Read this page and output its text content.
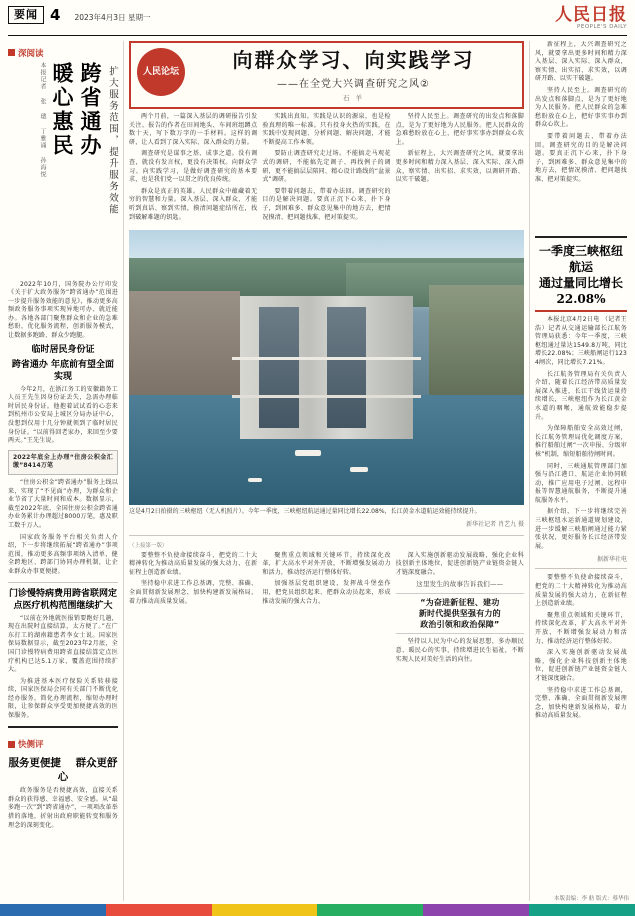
要闻 4 2023年4月3日 星期一	人民日报
PEOPLE'S DAILY
深阅读
扩大服务范围，提升服务效能
跨省通办
暖心惠民
本报记者 张 璁 丁雅诵 孙海悦

2022年10月，国务院办公厅印发《关于扩大政务服务“跨省通办”范围进一步提升服务效能的意见》，推动更多高频政务服务事项实现异地可办、就近能办。各地各部门聚焦群众和企业的急难愁盼，优化服务流程，创新服务模式，让数据多跑路、群众少跑腿。

临时居民身份证
跨省通办 年底前有望全面实现

今年2月，在浙江务工的安徽籍务工人员王先生因身份证丢失，急需办理临时居民身份证。他抱着试试看的心态来到杭州市公安局上城区分局办证中心，没想到仅用十几分钟就领到了临时居民身份证。“以前得回老家办，来回至少要两天。”王先生说。

2022年底全上办理“住房公积金汇缴”8414万笔

“住房公积金”跨省通办”服务上线以来，实现了“不见面”办理，为群众和企业节省了大量时间和成本。数据显示，截至2022年底，全国住房公积金跨省通办业务累计办理超过8000万笔，惠及职工数千万人。

国家政务服务平台相关负责人介绍，下一步将继续拓展“跨省通办”事项范围，推动更多高频事项纳入清单，健全跨地区、跨部门协同办理机制，让企业群众办事更便捷。

门诊慢特病费用跨省联网定点医疗机构范围继续扩大

“以前在外地就医报销要跑好几趟，现在出院时直接结算，太方便了。”在广东打工的湖南籍患者李女士说。国家医保局数据显示，截至2023年2月底，全国门诊慢特病费用跨省直接结算定点医疗机构已达5.1万家，覆盖范围持续扩大。

为推进基本医疗保险关系转移接续，国家医保局会同有关部门不断优化经办服务，简化办理流程，缩短办理时限，让参保群众享受更加便捷高效的医保服务。

快侧评
服务更便捷 群众更舒心

政务服务是否便捷高效，直接关系群众的获得感、幸福感、安全感。从“最多跑一次”到“跨省通办”，一项项改革举措的落地，折射出政府职能转变和服务理念的深刻变化。

人民论坛	向群众学习、向实践学习
——在全党大兴调查研究之风②
石 羊

两个月前，一篇深入基层的调研报告引发关注。报告的作者在田间地头、车间班组蹲点数十天，写下数万字的一手材料。这样的调研，让人看到了深入实际、深入群众的力量。

调查研究是谋事之基、成事之道。没有调查，就没有发言权，更没有决策权。向群众学习、向实践学习，是做好调查研究的基本要求，也是我们党一以贯之的优良传统。

群众是真正的英雄。人民群众中蕴藏着无穷的智慧和力量。深入基层、深入群众，才能听到真话、察到实情，摸清问题症结所在，找到破解难题的钥匙。

实践出真知。实践是认识的源泉，也是检验真理的唯一标准。只有投身火热的实践，在实践中发现问题、分析问题、解决问题，才能不断提高工作本领。

要防止调查研究走过场。不能搞走马观花式的调研，不能搞先定调子、再找例子的调研，更不能搞层层陪同、精心设计路线的“盆景式”调研。

要带着问题去，带着办法回。调查研究的目的是解决问题。要真正沉下心来，扑下身子，到困难多、群众意见集中的地方去，把情况摸清、把问题找准、把对策提实。

坚持人民至上。调查研究的出发点和落脚点，是为了更好地为人民服务。把人民群众的急难愁盼放在心上，把好事实事办到群众心坎上。

新征程上，大兴调查研究之风，就要拿出更多时间和精力深入基层、深入实际、深入群众，察实情、出实招、求实效，以调研开路、以实干破题。

这是4月2日拍摄的三峡枢纽（无人机照片）。今年一季度，三峡枢纽航运通过量同比增长22.08%，长江黄金水道航运效能持续提升。
新华社记者 肖艺九 摄
（上接第一版）

要整整不负使命接续奋斗，把党的二十大精神转化为推动高质量发展的强大动力，在新征程上创造新业绩。

坚持稳中求进工作总基调，完整、准确、全面贯彻新发展理念，加快构建新发展格局，着力推动高质量发展。

聚焦重点领域和关键环节，持续深化改革，扩大高水平对外开放，不断增强发展动力和活力，推动经济运行整体好转。

加强基层党组织建设，发挥战斗堡垒作用，把党员组织起来、把群众动员起来，形成推动发展的强大合力。

深入实施创新驱动发展战略，强化企业科技创新主体地位，促进创新链产业链资金链人才链深度融合。

这里发生的故事告诉我们——
“为奋进新征程、建功
新时代提供坚强有力的
政治引领和政治保障”

坚持以人民为中心的发展思想，多办顺民意、暖民心的实事，持续增进民生福祉，不断实现人民对美好生活的向往。

新征程上，大兴调查研究之风，就要拿出更多时间和精力深入基层、深入实际、深入群众，察实情、出实招、求实效，以调研开路、以实干破题。

坚持人民至上。调查研究的出发点和落脚点，是为了更好地为人民服务。把人民群众的急难愁盼放在心上，把好事实事办到群众心坎上。

要带着问题去，带着办法回。调查研究的目的是解决问题。要真正沉下心来，扑下身子，到困难多、群众意见集中的地方去，把情况摸清、把问题找准、把对策提实。

一季度三峡枢纽航运
通过量同比增长22.08%

本报北京4月2日电 （记者王浩）记者从交通运输部长江航务管理局获悉：今年一季度，三峡枢纽通过量达1549.8万吨，同比增长22.08%；三峡船闸运行1234闸次，同比增长7.21%。

长江航务管理局有关负责人介绍，随着长江经济带高质量发展深入推进，长江干线货运量持续增长，三峡枢纽作为长江黄金水道的咽喉，通航效能稳步提升。

为保障船舶安全高效过闸，长江航务管理局优化调度方案，推行船舶过闸“一次申报、分级审核”机制，缩短船舶待闸时间。

同时，三峡通航管理部门加强与沿江港口、航运企业协同联动，推广应用电子过闸、远程申报等智慧通航服务，不断提升通航服务水平。

据介绍，下一步将继续完善三峡枢纽水运新通道规划建设，进一步缓解三峡船闸通过能力紧张状况，更好服务长江经济带发展。

据新华社电

要整整不负使命接续奋斗，把党的二十大精神转化为推动高质量发展的强大动力，在新征程上创造新业绩。

聚焦重点领域和关键环节，持续深化改革，扩大高水平对外开放，不断增强发展动力和活力，推动经济运行整体好转。

深入实施创新驱动发展战略，强化企业科技创新主体地位，促进创新链产业链资金链人才链深度融合。

坚持稳中求进工作总基调，完整、准确、全面贯彻新发展理念，加快构建新发展格局，着力推动高质量发展。

本版责编：李 舫 版式：蔡华伟
